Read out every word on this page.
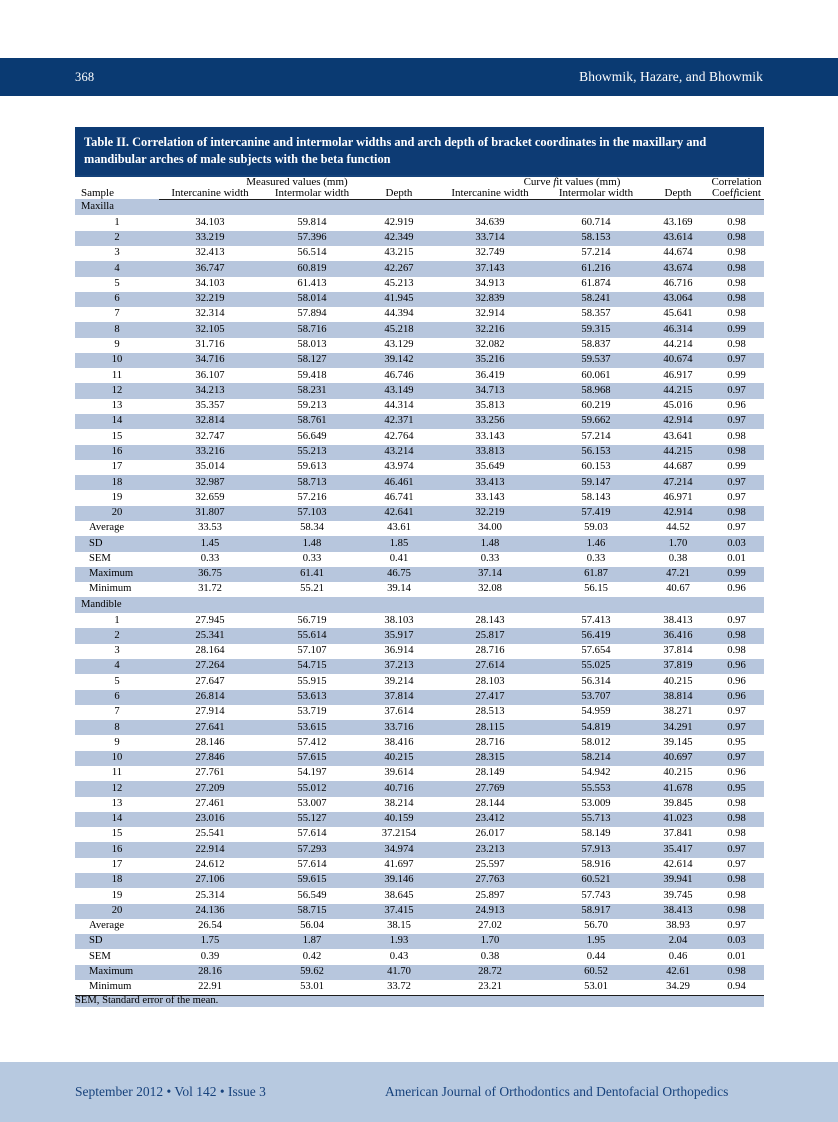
368	Bhowmik, Hazare, and Bhowmik
Table II. Correlation of intercanine and intermolar widths and arch depth of bracket coordinates in the maxillary and mandibular arches of male subjects with the beta function

	Measured values (mm)			Curve fit values (mm)			Correlation
Sample	Intercanine width	Intermolar width	Depth	Intercanine width	Intermolar width	Depth	Coefficient
Maxilla							
1	34.103	59.814	42.919	34.639	60.714	43.169	0.98
2	33.219	57.396	42.349	33.714	58.153	43.614	0.98
3	32.413	56.514	43.215	32.749	57.214	44.674	0.98
4	36.747	60.819	42.267	37.143	61.216	43.674	0.98
5	34.103	61.413	45.213	34.913	61.874	46.716	0.98
6	32.219	58.014	41.945	32.839	58.241	43.064	0.98
7	32.314	57.894	44.394	32.914	58.357	45.641	0.98
8	32.105	58.716	45.218	32.216	59.315	46.314	0.99
9	31.716	58.013	43.129	32.082	58.837	44.214	0.98
10	34.716	58.127	39.142	35.216	59.537	40.674	0.97
11	36.107	59.418	46.746	36.419	60.061	46.917	0.99
12	34.213	58.231	43.149	34.713	58.968	44.215	0.97
13	35.357	59.213	44.314	35.813	60.219	45.016	0.96
14	32.814	58.761	42.371	33.256	59.662	42.914	0.97
15	32.747	56.649	42.764	33.143	57.214	43.641	0.98
16	33.216	55.213	43.214	33.813	56.153	44.215	0.98
17	35.014	59.613	43.974	35.649	60.153	44.687	0.99
18	32.987	58.713	46.461	33.413	59.147	47.214	0.97
19	32.659	57.216	46.741	33.143	58.143	46.971	0.97
20	31.807	57.103	42.641	32.219	57.419	42.914	0.98
Average	33.53	58.34	43.61	34.00	59.03	44.52	0.97
SD	1.45	1.48	1.85	1.48	1.46	1.70	0.03
SEM	0.33	0.33	0.41	0.33	0.33	0.38	0.01
Maximum	36.75	61.41	46.75	37.14	61.87	47.21	0.99
Minimum	31.72	55.21	39.14	32.08	56.15	40.67	0.96
Mandible							
1	27.945	56.719	38.103	28.143	57.413	38.413	0.97
2	25.341	55.614	35.917	25.817	56.419	36.416	0.98
3	28.164	57.107	36.914	28.716	57.654	37.814	0.98
4	27.264	54.715	37.213	27.614	55.025	37.819	0.96
5	27.647	55.915	39.214	28.103	56.314	40.215	0.96
6	26.814	53.613	37.814	27.417	53.707	38.814	0.96
7	27.914	53.719	37.614	28.513	54.959	38.271	0.97
8	27.641	53.615	33.716	28.115	54.819	34.291	0.97
9	28.146	57.412	38.416	28.716	58.012	39.145	0.95
10	27.846	57.615	40.215	28.315	58.214	40.697	0.97
11	27.761	54.197	39.614	28.149	54.942	40.215	0.96
12	27.209	55.012	40.716	27.769	55.553	41.678	0.95
13	27.461	53.007	38.214	28.144	53.009	39.845	0.98
14	23.016	55.127	40.159	23.412	55.713	41.023	0.98
15	25.541	57.614	37.2154	26.017	58.149	37.841	0.98
16	22.914	57.293	34.974	23.213	57.913	35.417	0.97
17	24.612	57.614	41.697	25.597	58.916	42.614	0.97
18	27.106	59.615	39.146	27.763	60.521	39.941	0.98
19	25.314	56.549	38.645	25.897	57.743	39.745	0.98
20	24.136	58.715	37.415	24.913	58.917	38.413	0.98
Average	26.54	56.04	38.15	27.02	56.70	38.93	0.97
SD	1.75	1.87	1.93	1.70	1.95	2.04	0.03
SEM	0.39	0.42	0.43	0.38	0.44	0.46	0.01
Maximum	28.16	59.62	41.70	28.72	60.52	42.61	0.98
Minimum	22.91	53.01	33.72	23.21	53.01	34.29	0.94

SEM, Standard error of the mean.							
September 2012 • Vol 142 • Issue 3	American Journal of Orthodontics and Dentofacial Orthopedics
